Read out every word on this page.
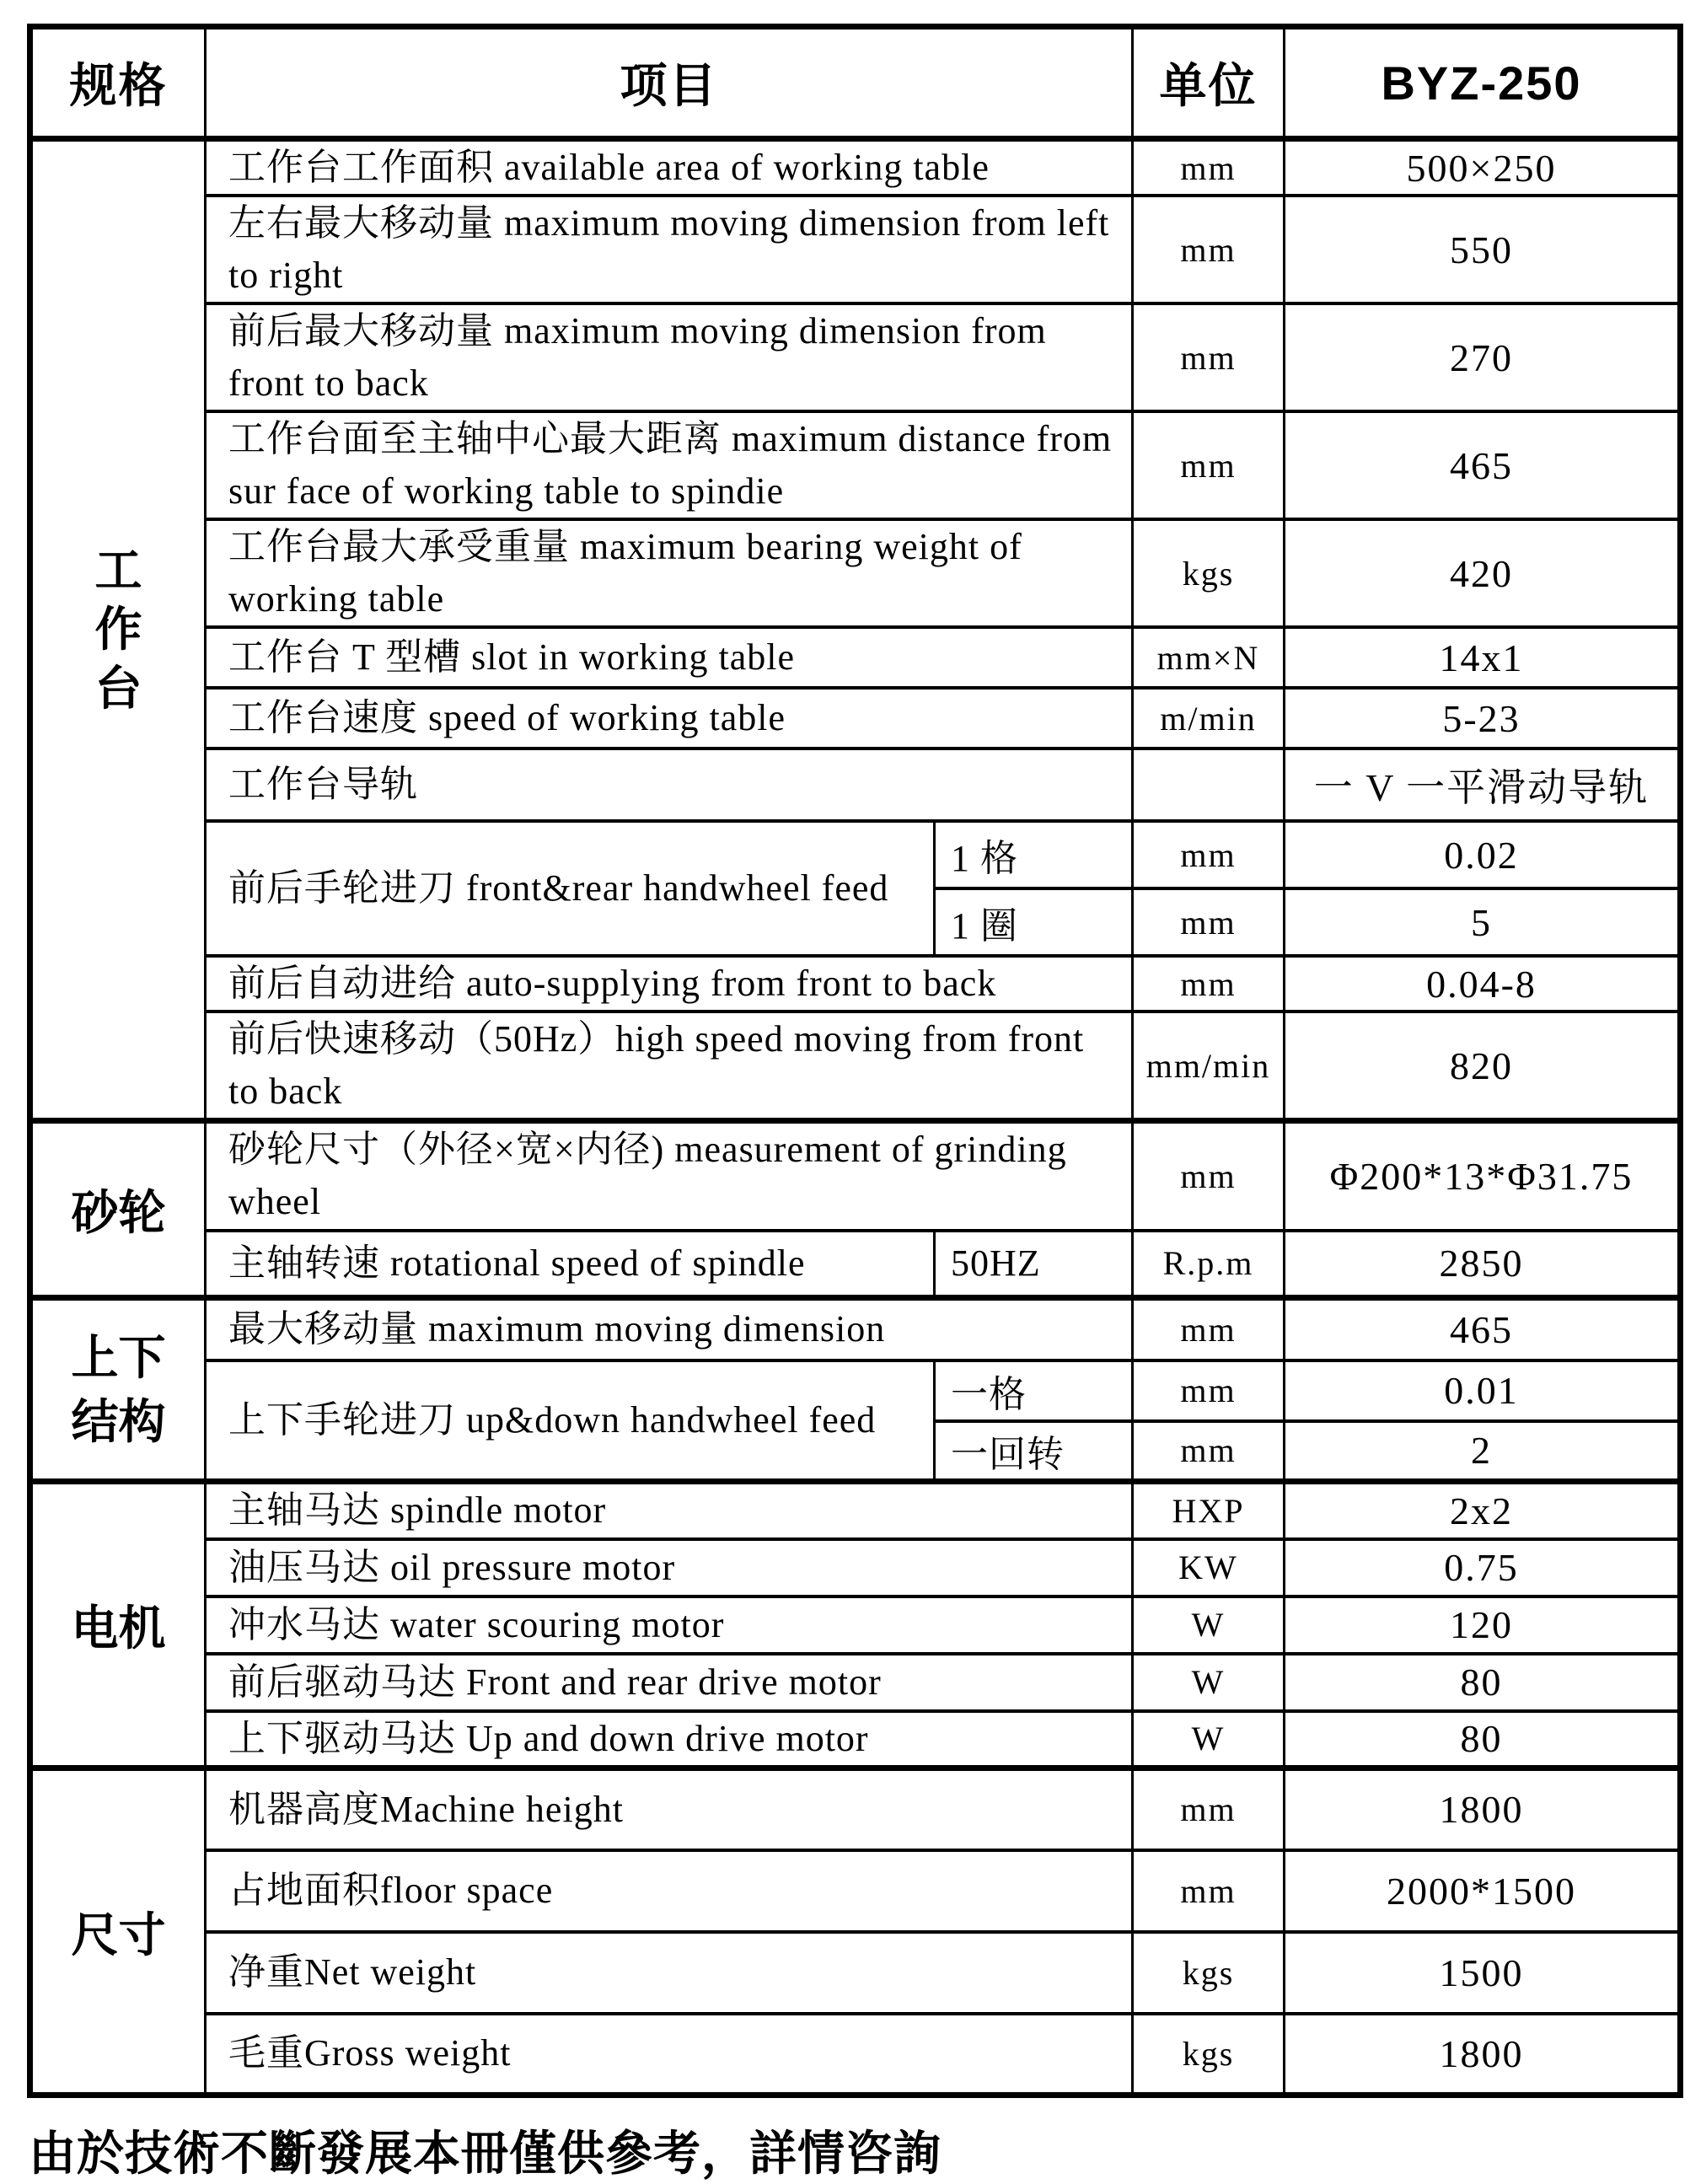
规格	项目		单位	BYZ-250
工作台	工作台工作面积 available area of working table		mm	500×250
	左右最大移动量 maximum moving dimension from left to right		mm	550
	前后最大移动量 maximum moving dimension from front to back		mm	270
	工作台面至主轴中心最大距离 maximum distance from sur face of working table to spindie		mm	465
	工作台最大承受重量 maximum bearing weight of working table		kgs	420
	工作台 T 型槽 slot in working table		mm×N	14x1
	工作台速度 speed of working table		m/min	5-23
	工作台导轨			一 V 一平滑动导轨
	前后手轮进刀 front&rear handwheel feed	1 格	mm	0.02
		1 圈	mm	5
	前后自动进给 auto-supplying from front to back		mm	0.04-8
	前后快速移动（50Hz）high speed moving from front to back		mm/min	820
砂轮	砂轮尺寸（外径×宽×内径) measurement of grinding wheel		mm	Φ200*13*Φ31.75
	主轴转速 rotational speed of spindle	50HZ	R.p.m	2850
上下结构	最大移动量 maximum moving dimension		mm	465
	上下手轮进刀 up&down handwheel feed	一格	mm	0.01
		一回转	mm	2
电机	主轴马达 spindle motor		HXP	2x2
	油压马达 oil pressure motor		KW	0.75
	冲水马达 water scouring motor		W	120
	前后驱动马达 Front and rear drive motor		W	80
	上下驱动马达 Up and down drive motor		W	80
尺寸	机器高度Machine height		mm	1800
	占地面积floor space		mm	2000*1500
	净重Net weight		kgs	1500
	毛重Gross weight		kgs	1800
由於技術不斷發展本冊僅供參考，詳情咨詢
